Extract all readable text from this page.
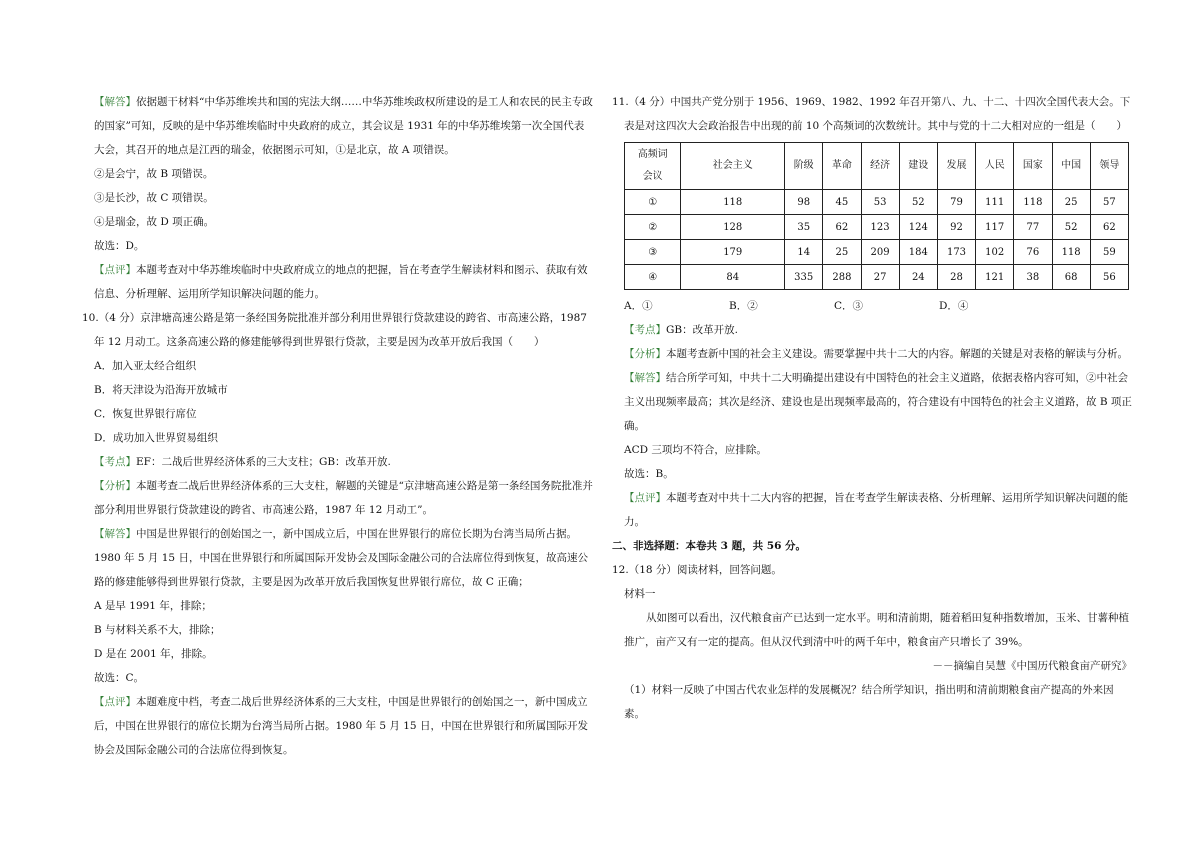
【解答】依据题干材料“中华苏维埃共和国的宪法大纲……中华苏维埃政权所建设的是工人和农民的民主专政的国家”可知，反映的是中华苏维埃临时中央政府的成立，其会议是 1931 年的中华苏维埃第一次全国代表大会，其召开的地点是江西的瑞金，依据图示可知，①是北京，故 A 项错误。

②是会宁，故 B 项错误。

③是长沙，故 C 项错误。

④是瑞金，故 D 项正确。

故选：D。

【点评】本题考查对中华苏维埃临时中央政府成立的地点的把握，旨在考查学生解读材料和图示、获取有效信息、分析理解、运用所学知识解决问题的能力。

10.（4 分）京津塘高速公路是第一条经国务院批准并部分利用世界银行贷款建设的跨省、市高速公路，1987 年 12 月动工。这条高速公路的修建能够得到世界银行贷款，主要是因为改革开放后我国（　　）

A．加入亚太经合组织

B．将天津设为沿海开放城市

C．恢复世界银行席位

D．成功加入世界贸易组织

【考点】EF：二战后世界经济体系的三大支柱；GB：改革开放.

【分析】本题考查二战后世界经济体系的三大支柱，解题的关键是“京津塘高速公路是第一条经国务院批准并部分利用世界银行贷款建设的跨省、市高速公路，1987 年 12 月动工”。

【解答】中国是世界银行的创始国之一，新中国成立后，中国在世界银行的席位长期为台湾当局所占据。1980 年 5 月 15 日，中国在世界银行和所属国际开发协会及国际金融公司的合法席位得到恢复，故高速公路的修建能够得到世界银行贷款，主要是因为改革开放后我国恢复世界银行席位，故 C 正确；

A 是早 1991 年，排除；

B 与材料关系不大，排除；

D 是在 2001 年，排除。

故选：C。

【点评】本题难度中档，考查二战后世界经济体系的三大支柱，中国是世界银行的创始国之一，新中国成立后，中国在世界银行的席位长期为台湾当局所占据。1980 年 5 月 15 日，中国在世界银行和所属国际开发协会及国际金融公司的合法席位得到恢复。

11.（4 分）中国共产党分别于 1956、1969、1982、1992 年召开第八、九、十二、十四次全国代表大会。下表是对这四次大会政治报告中出现的前 10 个高频词的次数统计。其中与党的十二大相对应的一组是（　　）

高频词
会议	社会主义	阶级	革命	经济	建设	发展	人民	国家	中国	领导
①	118	98	45	53	52	79	111	118	25	57
②	128	35	62	123	124	92	117	77	52	62
③	179	14	25	209	184	173	102	76	118	59
④	84	335	288	27	24	28	121	38	68	56
A．①	B．②	C．③	D．④

【考点】GB：改革开放.

【分析】本题考查新中国的社会主义建设。需要掌握中共十二大的内容。解题的关键是对表格的解读与分析。

【解答】结合所学可知，中共十二大明确提出建设有中国特色的社会主义道路，依据表格内容可知，②中社会主义出现频率最高；其次是经济、建设也是出现频率最高的，符合建设有中国特色的社会主义道路，故 B 项正确。

ACD 三项均不符合，应排除。

故选：B。

【点评】本题考查对中共十二大内容的把握，旨在考查学生解读表格、分析理解、运用所学知识解决问题的能力。

二、非选择题：本卷共 3 题，共 56 分。

12.（18 分）阅读材料，回答问题。

材料一

从如图可以看出，汉代粮食亩产已达到一定水平。明和清前期，随着稻田复种指数增加，玉米、甘薯种植推广，亩产又有一定的提高。但从汉代到清中叶的两千年中，粮食亩产只增长了 39%。

－－摘编自吴慧《中国历代粮食亩产研究》

（1）材料一反映了中国古代农业怎样的发展概况？结合所学知识，指出明和清前期粮食亩产提高的外来因素。
